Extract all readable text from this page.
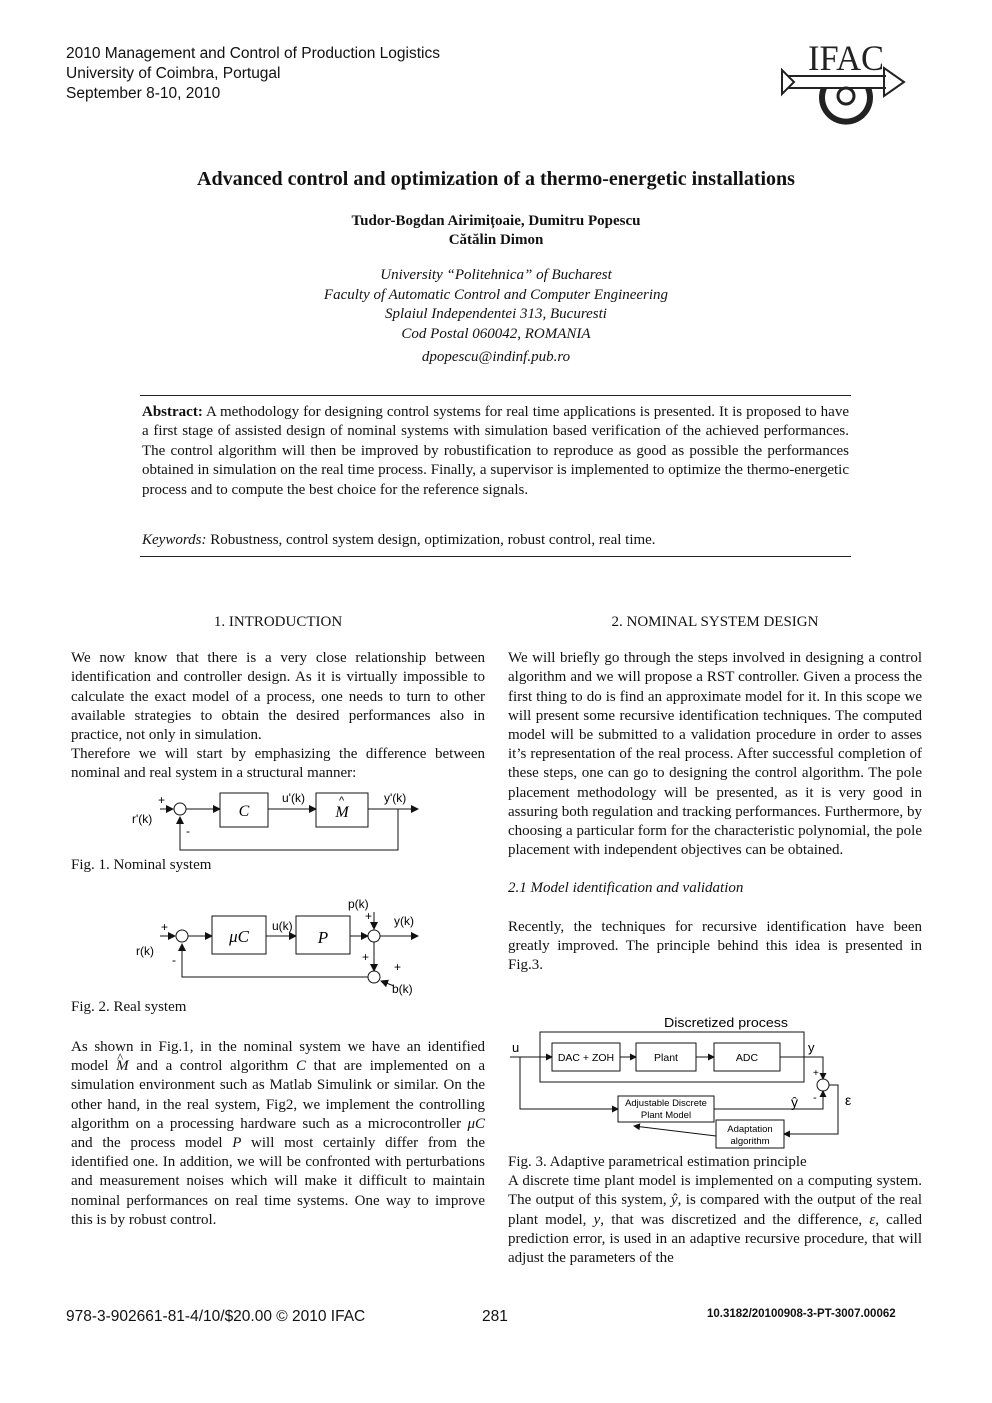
2010 Management and Control of Production Logistics
University of Coimbra, Portugal
September 8-10, 2010
IFAC
Advanced control and optimization of a thermo-energetic installations
Tudor-Bogdan Airimițoaie, Dumitru Popescu
Cătălin Dimon
University “Politehnica” of Bucharest
Faculty of Automatic Control and Computer Engineering
Splaiul Independentei 313, Bucuresti
Cod Postal 060042, ROMANIA
dpopescu@indinf.pub.ro
Abstract: A methodology for designing control systems for real time applications is presented. It is proposed to have a first stage of assisted design of nominal systems with simulation based verification of the achieved performances. The control algorithm will then be improved by robustification to reproduce as good as possible the performances obtained in simulation on the real time process. Finally, a supervisor is implemented to optimize the thermo-energetic process and to compute the best choice for the reference signals.
Keywords: Robustness, control system design, optimization, robust control, real time.
1. INTRODUCTION

We now know that there is a very close relationship between identification and controller design. As it is virtually impossible to calculate the exact model of a process, one needs to turn to other available strategies to obtain the desired performances also in practice, not only in simulation.

Therefore we will start by emphasizing the difference between nominal and real system in a structural manner:

r'(k)
+
-
C
u'(k)
M
^	y'(k)
Fig. 1. Nominal system
r(k)
+
-
μC
u(k)
P
p(k)
+ y(k)
+
+
b(k)
Fig. 2. Real system

As shown in Fig.1, in the nominal system we have an identified model ^ M and a control algorithm C that are implemented on a simulation environment such as Matlab Simulink or similar. On the other hand, in the real system, Fig2, we implement the controlling algorithm on a processing hardware such as a microcontroller μC and the process model P will most certainly differ from the identified one. In addition, we will be confronted with perturbations and measurement noises which will make it difficult to maintain nominal performances on real time systems. One way to improve this is by robust control.

2. NOMINAL SYSTEM DESIGN

We will briefly go through the steps involved in designing a control algorithm and we will propose a RST controller. Given a process the first thing to do is find an approximate model for it. In this scope we will present some recursive identification techniques. The computed model will be submitted to a validation procedure in order to asses it’s representation of the real process. After successful completion of these steps, one can go to designing the control algorithm. The pole placement methodology will be presented, as it is very good in assuring both regulation and tracking performances. Furthermore, by choosing a particular form for the characteristic polynomial, the pole placement with independent objectives can be obtained.

2.1 Model identification and validation

Recently, the techniques for recursive identification have been greatly improved. The principle behind this idea is presented in Fig.3.

Discretized process
u
DAC + ZOH	Plant	ADC
y
+
-
Adjustable Discrete
Plant Model
ŷ	ε
Adaptation
algorithm
Fig. 3. Adaptive parametrical estimation principle

A discrete time plant model is implemented on a computing system. The output of this system, ŷ, is compared with the output of the real plant model, y, that was discretized and the difference, ε, called prediction error, is used in an adaptive recursive procedure, that will adjust the parameters of the

978-3-902661-81-4/10/$20.00 © 2010 IFAC	281	10.3182/20100908-3-PT-3007.00062
